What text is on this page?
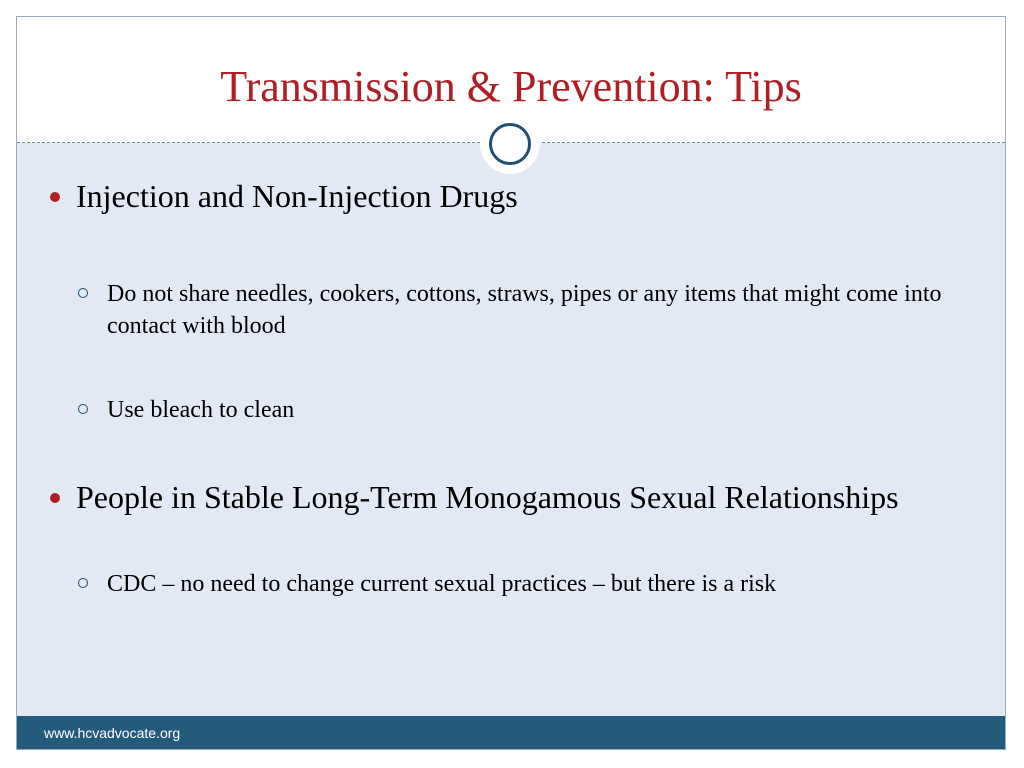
Transmission & Prevention: Tips
Injection and Non-Injection Drugs
Do not share needles, cookers, cottons, straws, pipes or any items that might come into contact with blood
Use bleach to clean
People in Stable Long-Term Monogamous Sexual Relationships
CDC – no need to change current sexual practices – but there is a risk
www.hcvadvocate.org
